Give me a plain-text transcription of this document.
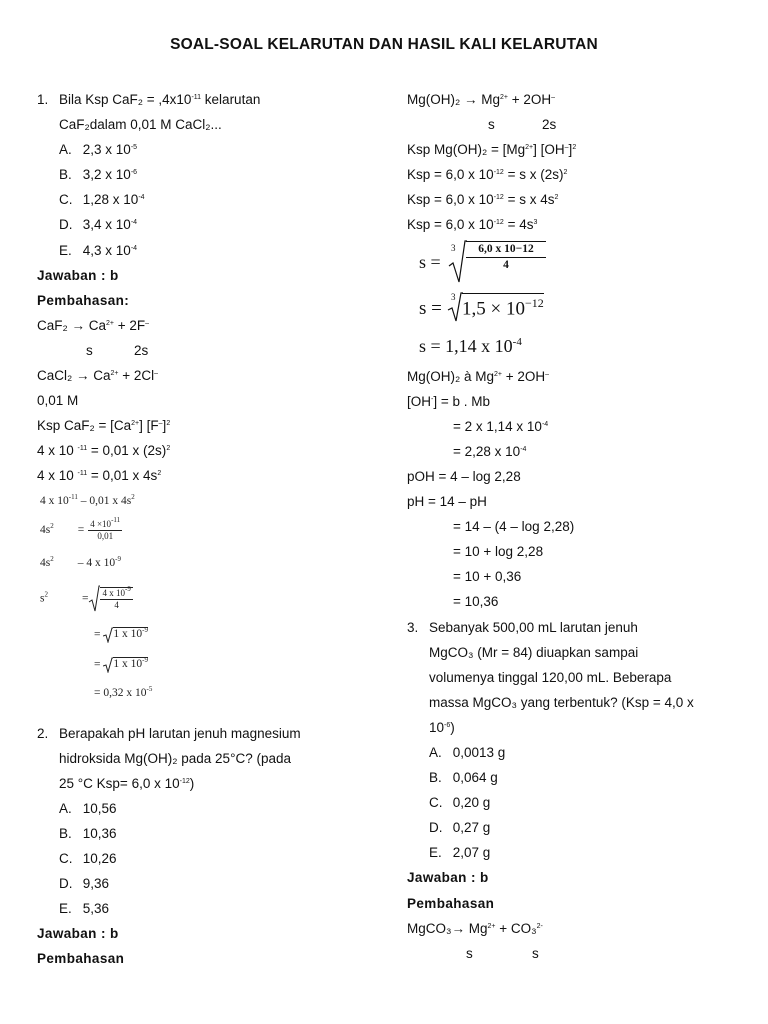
SOAL-SOAL KELARUTAN DAN HASIL KALI KELARUTAN
1. Bila Ksp $CaF_2 = ,4x10^{-11}$ kelarutan
CaF₂dalam 0,01 M CaCl₂...
A. 2,3 x $10^{-5}$
B. 3,2 x $10^{-6}$
C. 1,28 x $10^{-4}$
D. 3,4 x $10^{-4}$
E. 4,3 x $10^{-4}$
Jawaban : b
Pembahasan:
$CaF_2 \to Ca^{2+} + 2F^-$
s	2s
CaCl₂ → $Ca^{2+} + 2Cl^-$
0,01 M
Ksp $CaF_2 = [Ca^{2+}]$ $[F^-]^2$
4 x 10 $^{-11}$ = 0,01 x $(2s)^2$
4 x 10 $^{-11}$ = 0,01 x $4s^2$
4 x $10^{-11} - 0,01$ x $4s^2$
$4s^2 = \frac{4 \times 10^{-11}}{0,01}$
$4s^2 - 4$ x $10^{-9}$
$s^2$	= $\frac{4 x 10^{-9}}{4}$
= 1 x $10^{-9}$
= 1 x $10^{-9}$
= 0,32 x $10^{-5}$
2. Berapakah pH larutan jenuh magnesium
hidroksida Mg(OH)₂ pada 25°C? (pada
25 °C Ksp= 6,0 x $10^{-12}$)
A. 10,56
B. 10,36
C. 10,26
D. 9,36
E. 5,36
Jawaban : b
Pembahasan
$Mg(OH)_2 \to Mg^{2+} + 2OH^-$
s	2s
Ksp $Mg(OH)_2 = [Mg^{2+}]$ $[OH^-]^2$
Ksp = 6,0 x $10^{-12} = s$ x $(2s)^2$
Ksp = 6,0 x $10^{-12} = s$ x $4s^2$
Ksp = 6,0 x $10^{-12} = 4s^3$
s =
$3 \frac{6,0 x 10-12}{4}$
s =
3
$1,5 \times 10^{-12}$
s = 1,14 x $10^{-4}$
Mg(OH)₂ à $Mg^{2+} + 2OH^-$
[OH-] = b . Mb
= 2 x 1,14 x $10^{-4}$
= 2,28 x $10^{-4}$
pOH = 4 – log 2,28
pH = 14 – pH
= 14 – (4 – log 2,28)
= 10 + log 2,28
= 10 + 0,36
= 10,36
3. Sebanyak 500,00 mL larutan jenuh
MgCO₃ (Mr = 84) diuapkan sampai
volumenya tinggal 120,00 mL. Beberapa
massa MgCO₃ yang terbentuk? (Ksp = 4,0 x
$10^{-6}$)
A. 0,0013 g
B. 0,064 g
C. 0,20 g
D. 0,27 g
E. 2,07 g
Jawaban : b
Pembahasan
MgCO₃→ $Mg^{2+} + CO_3^{2-}$
s	s
